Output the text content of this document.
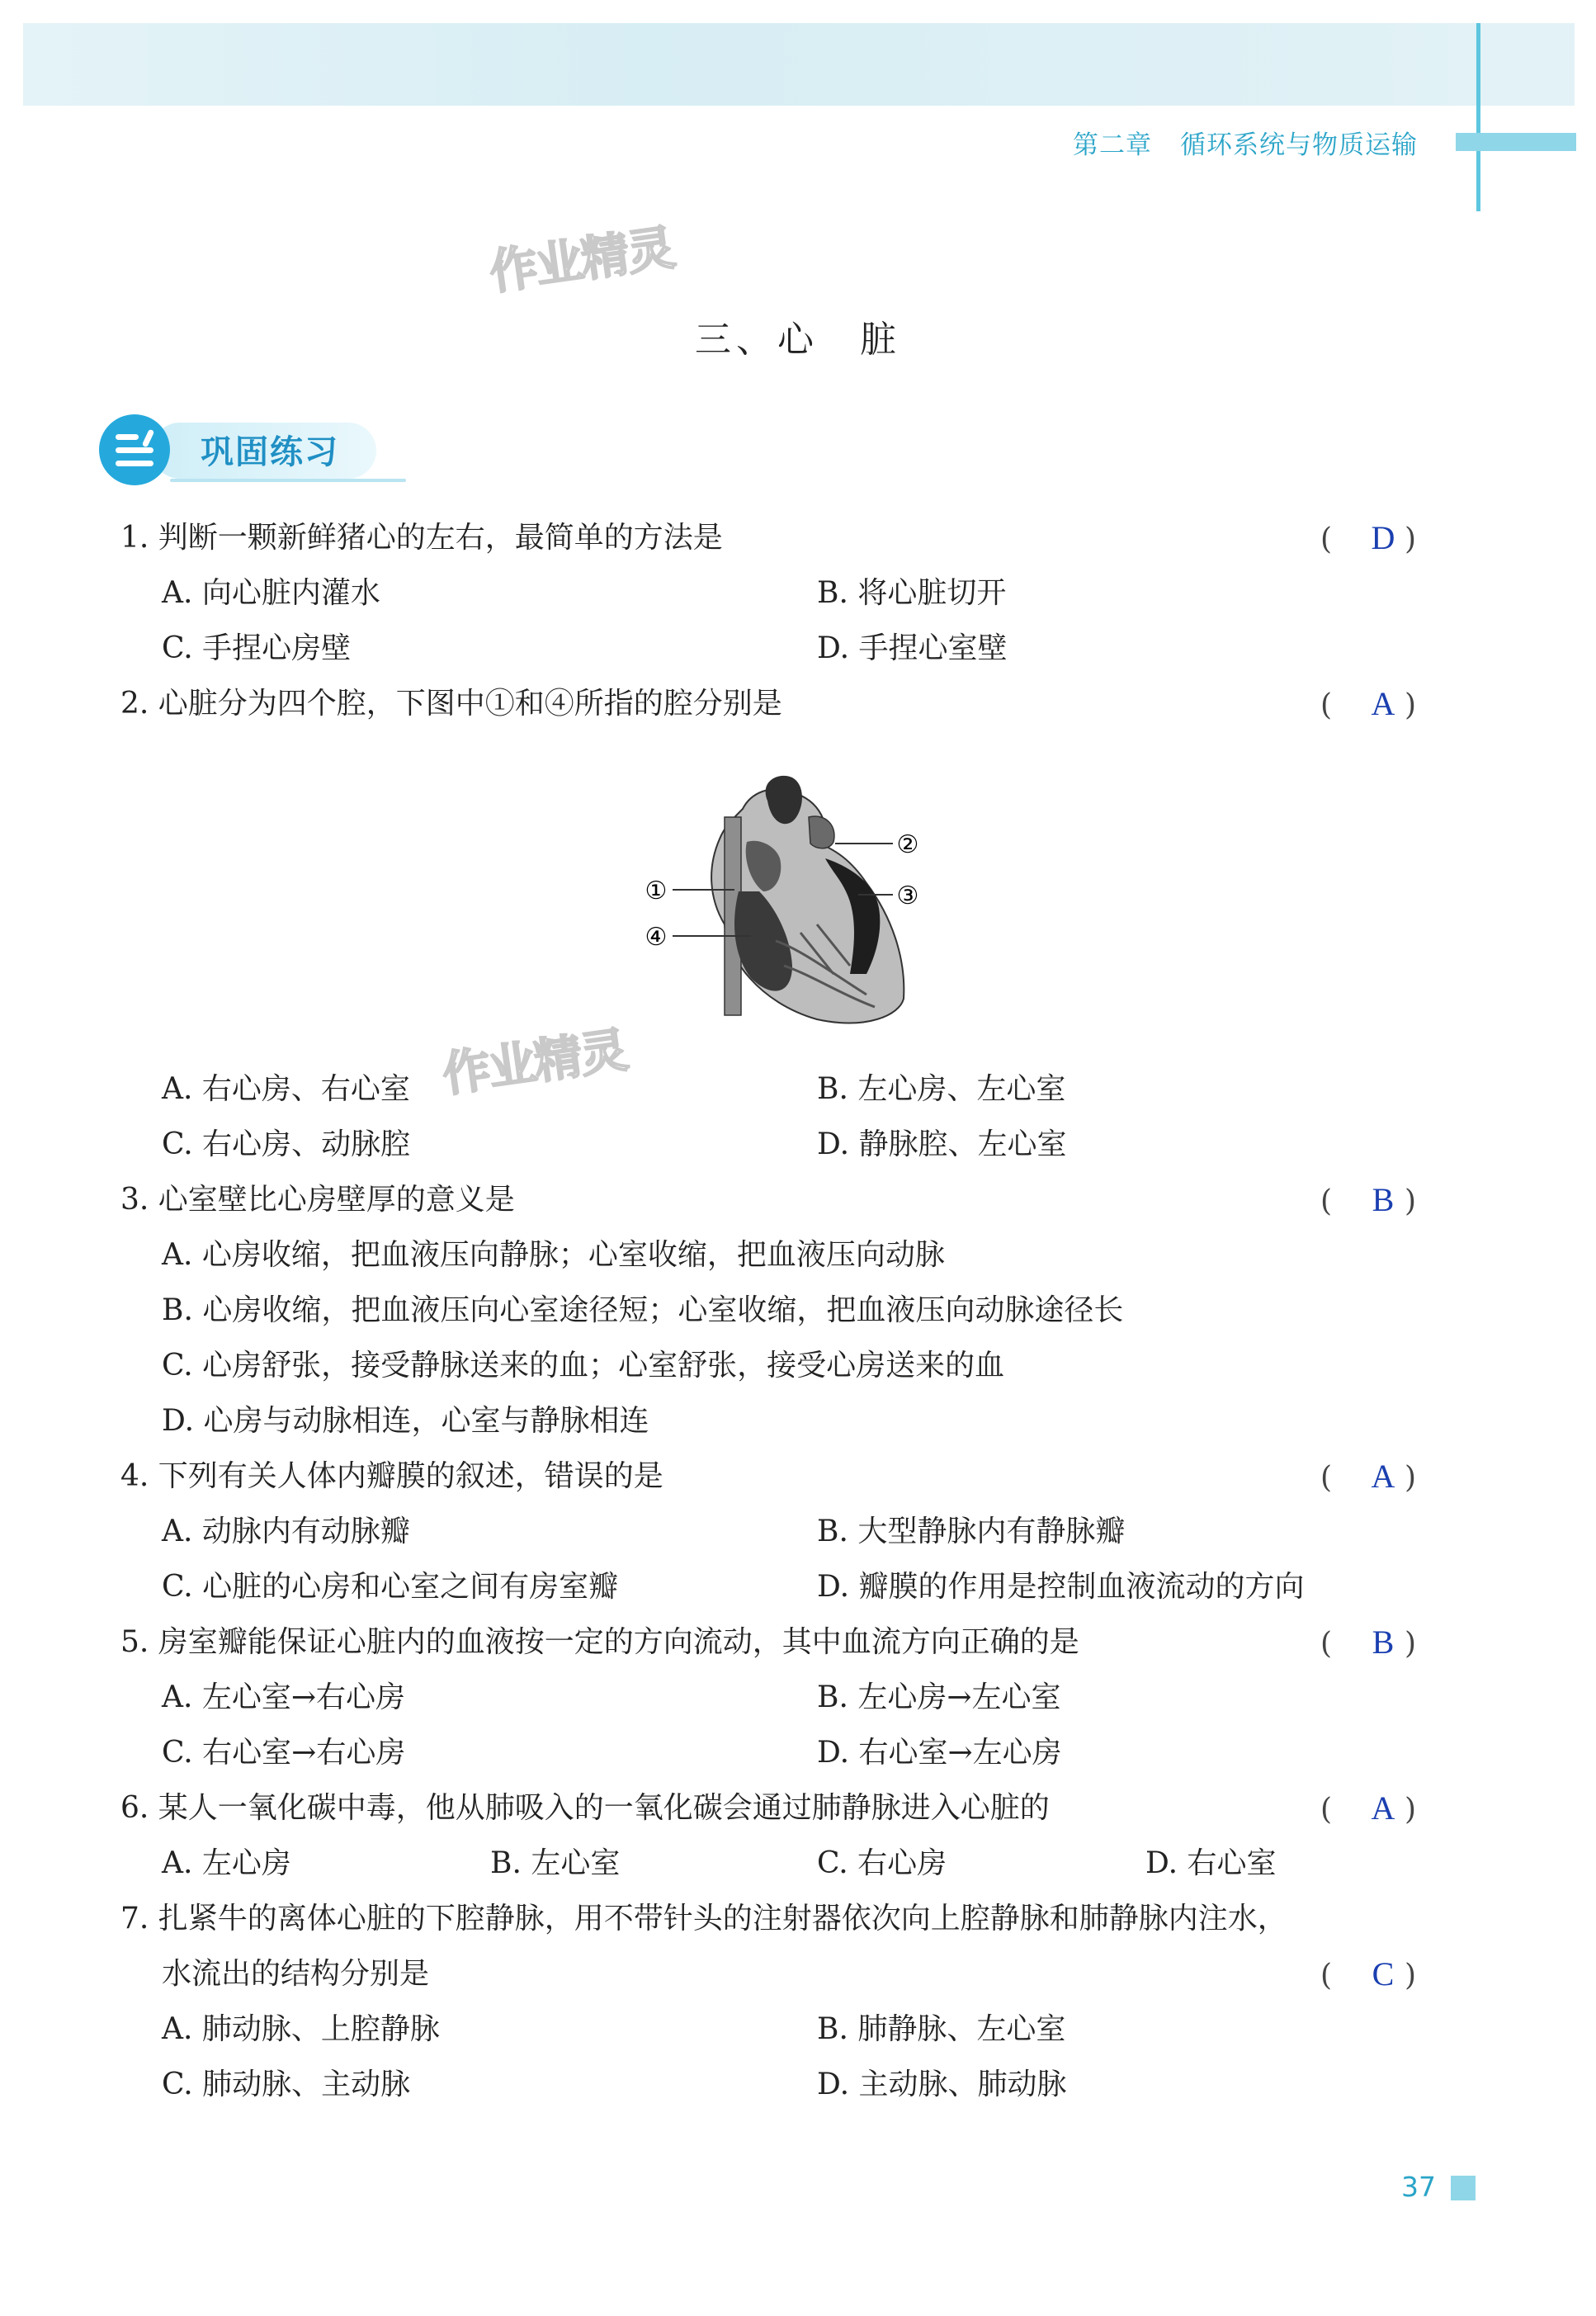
第二章 循环系统与物质运输
作业精灵
作业精灵
三、心　脏
巩固练习
1. 判断一颗新鲜猪心的左右，最简单的方法是	( D )
A. 向心脏内灌水	B. 将心脏切开
C. 手捏心房壁	D. 手捏心室壁
2. 心脏分为四个腔，下图中①和④所指的腔分别是	( A )
②
③
①
④
A. 右心房、右心室	B. 左心房、左心室
C. 右心房、动脉腔	D. 静脉腔、左心室
3. 心室壁比心房壁厚的意义是	( B )
A. 心房收缩，把血液压向静脉；心室收缩，把血液压向动脉
B. 心房收缩，把血液压向心室途径短；心室收缩，把血液压向动脉途径长
C. 心房舒张，接受静脉送来的血；心室舒张，接受心房送来的血
D. 心房与动脉相连，心室与静脉相连
4. 下列有关人体内瓣膜的叙述，错误的是	( A )
A. 动脉内有动脉瓣	B. 大型静脉内有静脉瓣
C. 心脏的心房和心室之间有房室瓣	D. 瓣膜的作用是控制血液流动的方向
5. 房室瓣能保证心脏内的血液按一定的方向流动，其中血流方向正确的是	( B )
A. 左心室→右心房	B. 左心房→左心室
C. 右心室→右心房	D. 右心室→左心房
6. 某人一氧化碳中毒，他从肺吸入的一氧化碳会通过肺静脉进入心脏的	( A )
A. 左心房	B. 左心室	C. 右心房	D. 右心室
7. 扎紧牛的离体心脏的下腔静脉，用不带针头的注射器依次向上腔静脉和肺静脉内注水，
水流出的结构分别是	( C )
A. 肺动脉、上腔静脉	B. 肺静脉、左心室
C. 肺动脉、主动脉	D. 主动脉、肺动脉
37
